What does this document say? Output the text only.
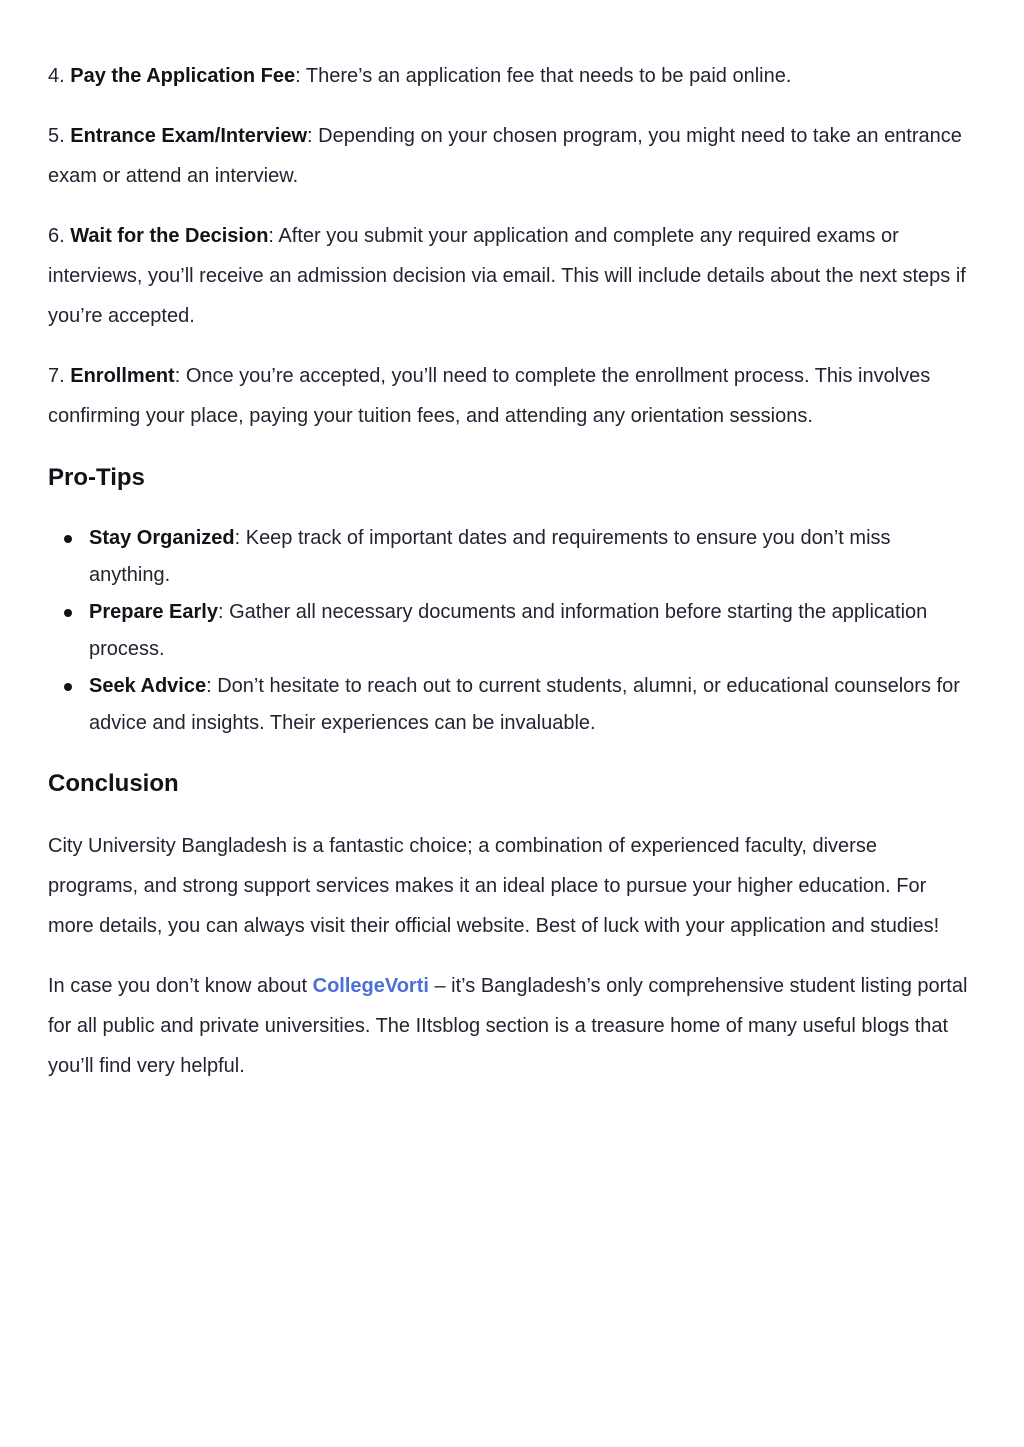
4. Pay the Application Fee: There’s an application fee that needs to be paid online.

5. Entrance Exam/Interview: Depending on your chosen program, you might need to take an entrance exam or attend an interview.

6. Wait for the Decision: After you submit your application and complete any required exams or interviews, you’ll receive an admission decision via email. This will include details about the next steps if you’re accepted.

7. Enrollment: Once you’re accepted, you’ll need to complete the enrollment process. This involves confirming your place, paying your tuition fees, and attending any orientation sessions.

Pro-Tips
Stay Organized: Keep track of important dates and requirements to ensure you don’t miss anything.
Prepare Early: Gather all necessary documents and information before starting the application process.
Seek Advice: Don’t hesitate to reach out to current students, alumni, or educational counselors for advice and insights. Their experiences can be invaluable.
Conclusion

City University Bangladesh is a fantastic choice; a combination of experienced faculty, diverse programs, and strong support services makes it an ideal place to pursue your higher education. For more details, you can always visit their official website. Best of luck with your application and studies!

In case you don’t know about CollegeVorti – it’s Bangladesh’s only comprehensive student listing portal for all public and private universities. The IItsblog section is a treasure home of many useful blogs that you’ll find very helpful.
